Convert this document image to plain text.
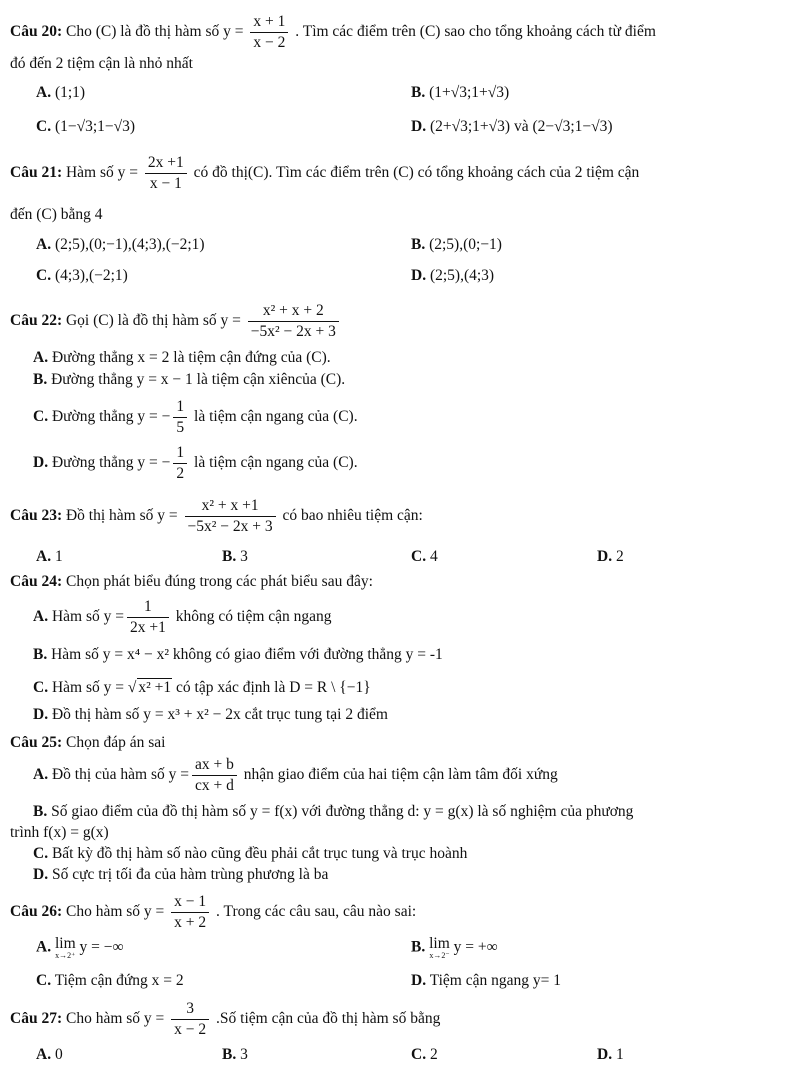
Câu 20: Cho (C) là đồ thị hàm số $y = \frac{x + 1}{x - 2}$ . Tìm các điểm trên (C) sao cho tổng khoảng cách từ điểm
đó đến 2 tiệm cận là nhỏ nhất
A. (1;1)	B. (1+√3;1+√3)
C. (1−√3;1−√3)	D. (2+√3;1+√3) và (2−√3;1−√3)
Câu 21: Hàm số $y = \frac{2x +1}{x - 1}$ có đồ thị(C). Tìm các điểm trên (C) có tổng khoảng cách của 2 tiệm cận
đến (C) bằng 4
A. (2;5),(0;−1),(4;3),(−2;1)	B. (2;5),(0;−1)
C. (4;3),(−2;1)	D. (2;5),(4;3)
Câu 22: Gọi (C) là đồ thị hàm số $y = \frac{\text{x² + x + 2}}{\text{−5x² − 2x + 3}}$
A. Đường thẳng x = 2 là tiệm cận đứng của (C).
B. Đường thẳng y = x − 1 là tiệm cận xiêncủa (C).
C. Đường thẳng y = − $\frac{1}{5}$ là tiệm cận ngang của (C).
D. Đường thẳng y = − $\frac{1}{2}$ là tiệm cận ngang của (C).
Câu 23: Đồ thị hàm số $y = \frac{\text{x² + x +1}}{\text{−5x² − 2x + 3}}$ có bao nhiêu tiệm cận:
A. 1	B. 3	C. 4	D. 2
Câu 24: Chọn phát biểu đúng trong các phát biểu sau đây:
A. Hàm số $y = \frac{1}{2x +1}$ không có tiệm cận ngang
B. Hàm số y = x⁴ − x² không có giao điểm với đường thẳng y = -1
C. Hàm số y = √ x² +1 có tập xác định là D = R \ {−1}
D. Đồ thị hàm số y = x³ + x² − 2x cắt trục tung tại 2 điểm
Câu 25: Chọn đáp án sai
A. Đồ thị của hàm số $y = \frac{ax + b}{cx + d}$ nhận giao điểm của hai tiệm cận làm tâm đối xứng
B. Số giao điểm của đồ thị hàm số y = f(x) với đường thẳng d: y = g(x) là số nghiệm của phương
trình f(x) = g(x)
C. Bất kỳ đồ thị hàm số nào cũng đều phải cắt trục tung và trục hoành
D. Số cực trị tối đa của hàm trùng phương là ba
Câu 26: Cho hàm số $y = \frac{x - 1}{x + 2}$ . Trong các câu sau, câu nào sai:
A. lim
x→2⁺ y = −∞	B. lim
x→2⁻ y = +∞
C. Tiệm cận đứng x = 2	D. Tiệm cận ngang y= 1
Câu 27: Cho hàm số $y = \frac{3}{x - 2}$ .Số tiệm cận của đồ thị hàm số bằng
A. 0	B. 3	C. 2	D. 1
